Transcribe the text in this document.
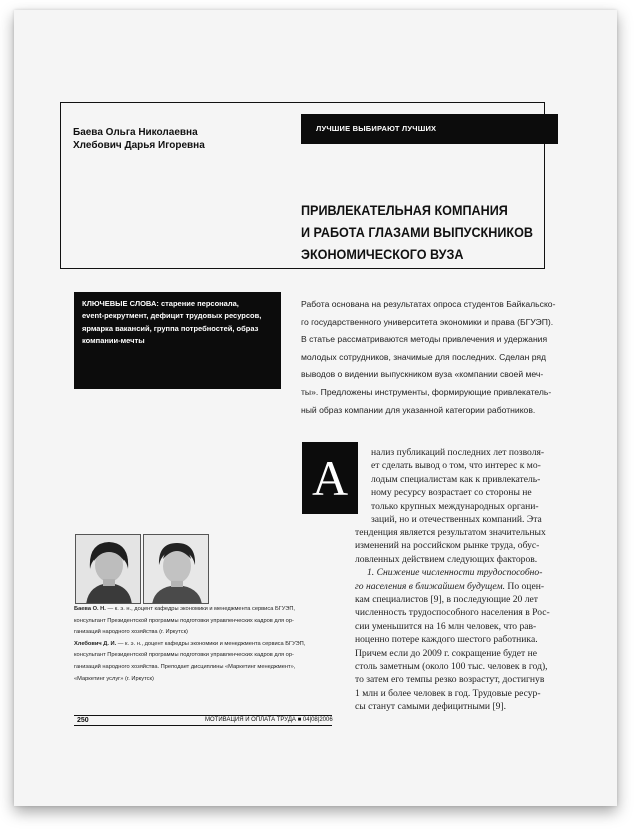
Баева Ольга Николаевна
Хлебович Дарья Игоревна
ЛУЧШИЕ ВЫБИРАЮТ ЛУЧШИХ
ПРИВЛЕКАТЕЛЬНАЯ КОМПАНИЯ
И РАБОТА ГЛАЗАМИ ВЫПУСКНИКОВ
ЭКОНОМИЧЕСКОГО ВУЗА
КЛЮЧЕВЫЕ СЛОВА: старение персонала,
event-рекрутмент, дефицит трудовых ресурсов,
ярмарка вакансий, группа потребностей, образ
компании-мечты
Работа основана на результатах опроса студентов Байкальско-
го государственного университета экономики и права (БГУЭП).
В статье рассматриваются методы привлечения и удержания
молодых сотрудников, значимые для последних. Сделан ряд
выводов о видении выпускником вуза «компании своей меч-
ты». Предложены инструменты, формирующие привлекатель-
ный образ компании для указанной категории работников.
А	нализ публикаций последних лет позволя-
ет сделать вывод о том, что интерес к мо-
лодым специалистам как к привлекатель-
ному ресурсу возрастает со стороны не
только крупных международных органи-
заций, но и отечественных компаний. Эта
тенденция является результатом значительных
изменений на российском рынке труда, обус-
ловленных действием следующих факторов.
1. Снижение численности трудоспособно-
го населения в ближайшем будущем. По оцен-
кам специалистов [9], в последующие 20 лет
численность трудоспособного населения в Рос-
сии уменьшится на 16 млн человек, что рав-
ноценно потере каждого шестого работника.
Причем если до 2009 г. сокращение будет не
столь заметным (около 100 тыс. человек в год),
то затем его темпы резко возрастут, достигнув
1 млн и более человек в год. Трудовые ресур-
сы станут самыми дефицитными [9].
Баева О. Н. — к. э. н., доцент кафедры экономики и менеджмента сервиса БГУЭП,
консультант Президентской программы подготовки управленческих кадров для ор-
ганизаций народного хозяйства (г. Иркутск)
Хлебович Д. И. — к. э. н., доцент кафедры экономики и менеджмента сервиса БГУЭП,
консультант Президентской программы подготовки управленческих кадров для ор-
ганизаций народного хозяйства. Преподает дисциплины «Маркетинг менеджмент»,
«Маркетинг услуг» (г. Иркутск)
250	МОТИВАЦИЯ И ОПЛАТА ТРУДА ■ 04|08|2006
